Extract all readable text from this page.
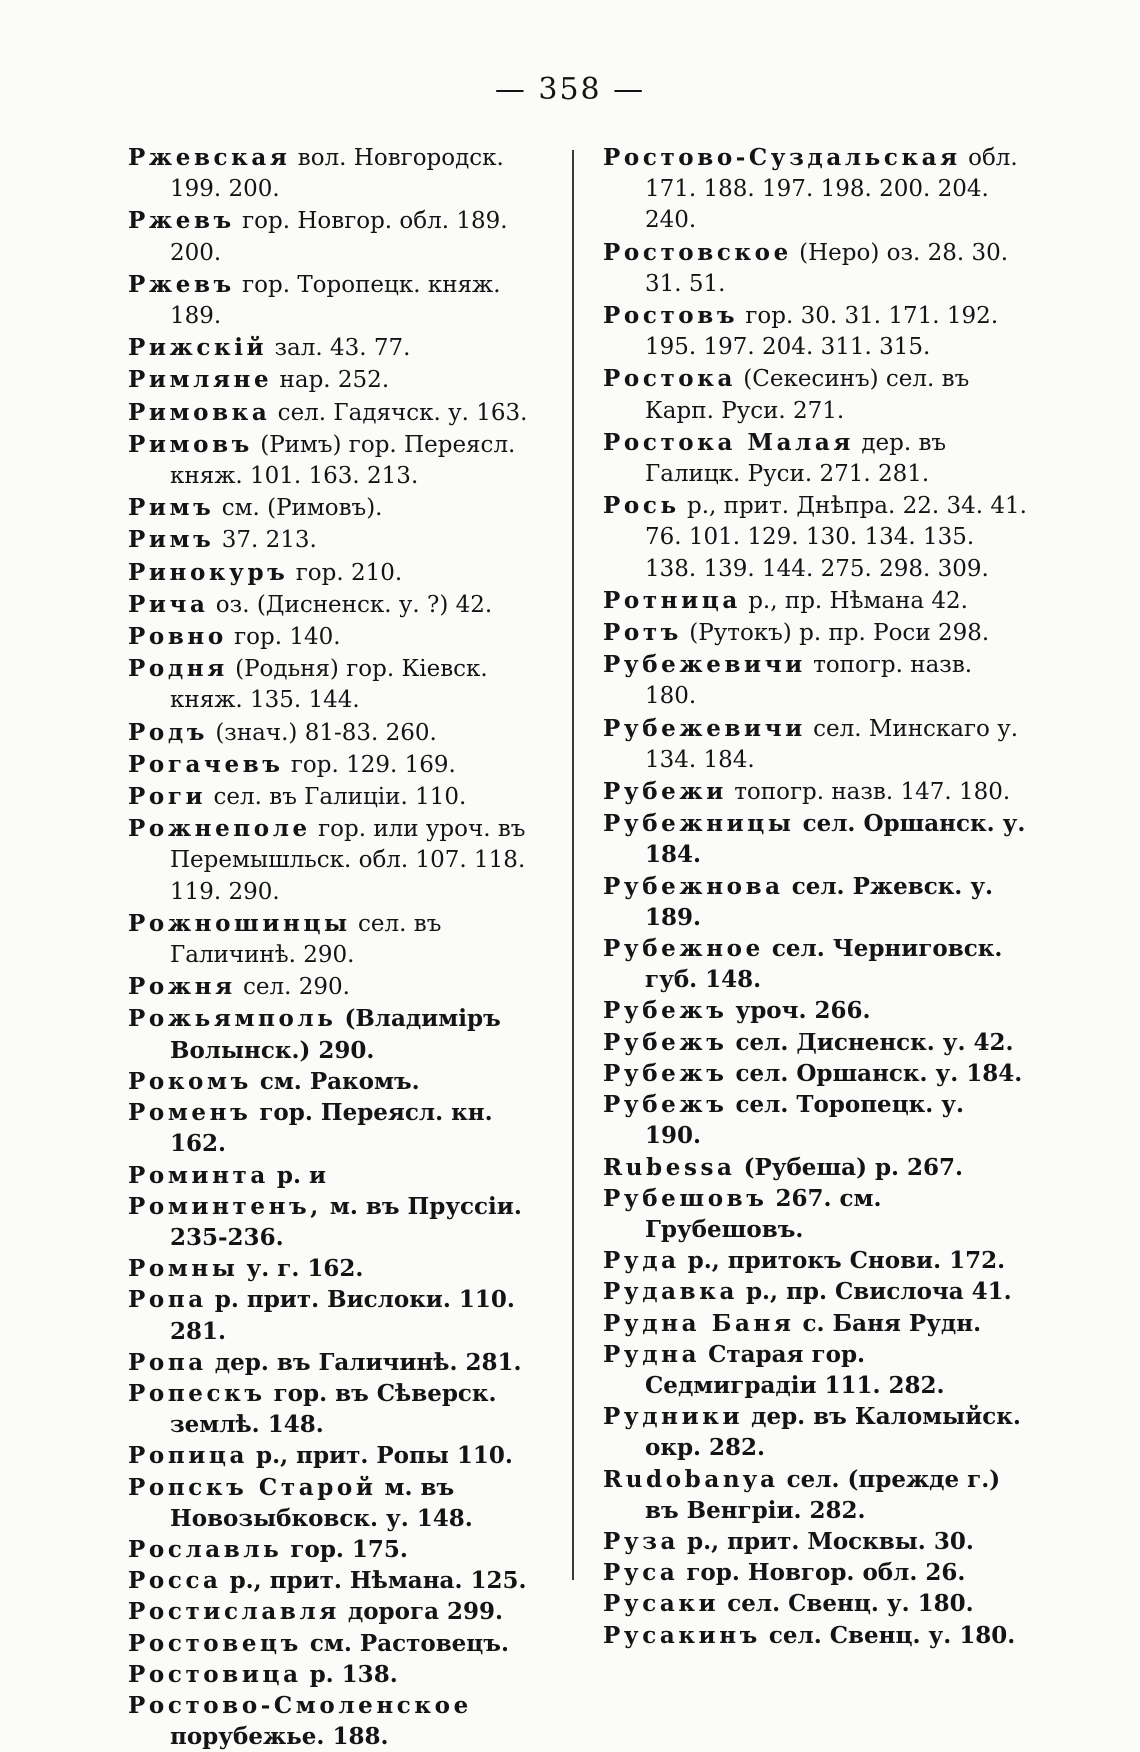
— 358 —
Ржевская вол. Новгородск. 199. 200.
Ржевъ гор. Новгор. обл. 189. 200.
Ржевъ гор. Торопецк. княж. 189.
Рижскій зал. 43. 77.
Римляне нар. 252.
Римовка сел. Гадячск. у. 163.
Римовъ (Римъ) гор. Переясл. княж. 101. 163. 213.
Римъ см. (Римовъ).
Римъ 37. 213.
Ринокуръ гор. 210.
Рича оз. (Дисненск. у. ?) 42.
Ровно гор. 140.
Родня (Родьня) гор. Кіевск. княж. 135. 144.
Родъ (знач.) 81-83. 260.
Рогачевъ гор. 129. 169.
Роги сел. въ Галиціи. 110.
Рожнеполе гор. или уроч. въ Перемышльск. обл. 107. 118. 119. 290.
Рожношинцы сел. въ Галичинѣ. 290.
Рожня сел. 290.
Рожьямполь (Владиміръ Волынск.) 290.
Рокомъ см. Ракомъ.
Роменъ гор. Переясл. кн. 162.
Роминта р. и
Роминтенъ, м. въ Пруссіи. 235-236.
Ромны у. г. 162.
Ропа р. прит. Вислоки. 110. 281.
Ропа дер. въ Галичинѣ. 281.
Ропескъ гор. въ Сѣверск. землѣ. 148.
Ропица р., прит. Ропы 110.
Ропскъ Старой м. въ Новозыбковск. у. 148.
Рославль гор. 175.
Росса р., прит. Нѣмана. 125.
Ростиславля дорога 299.
Ростовецъ см. Растовецъ.
Ростовица р. 138.
Ростово-Смоленское порубежье. 188.
Ростово-Суздальская обл. 171. 188. 197. 198. 200. 204. 240.
Ростовское (Неро) оз. 28. 30. 31. 51.
Ростовъ гор. 30. 31. 171. 192. 195. 197. 204. 311. 315.
Ростока (Секесинъ) сел. въ Карп. Руси. 271.
Ростока Малая дер. въ Галицк. Руси. 271. 281.
Рось р., прит. Днѣпра. 22. 34. 41. 76. 101. 129. 130. 134. 135. 138. 139. 144. 275. 298. 309.
Ротница р., пр. Нѣмана 42.
Ротъ (Рутокъ) р. пр. Роси 298.
Рубежевичи топогр. назв. 180.
Рубежевичи сел. Минскаго у. 134. 184.
Рубежи топогр. назв. 147. 180.
Рубежницы сел. Оршанск. у. 184.
Рубежнова сел. Ржевск. у. 189.
Рубежное сел. Черниговск. губ. 148.
Рубежъ уроч. 266.
Рубежъ сел. Дисненск. у. 42.
Рубежъ сел. Оршанск. у. 184.
Рубежъ сел. Торопецк. у. 190.
Rubessa (Рубеша) р. 267.
Рубешовъ 267. см. Грубешовъ.
Руда р., притокъ Снови. 172.
Рудавка р., пр. Свислоча 41.
Рудна Баня с. Баня Рудн.
Рудна Старая гор. Седмиградіи 111. 282.
Рудники дер. въ Каломыйск. окр. 282.
Rudobanya сел. (прежде г.) въ Венгріи. 282.
Руза р., прит. Москвы. 30.
Руса гор. Новгор. обл. 26.
Русаки сел. Свенц. у. 180.
Русакинъ сел. Свенц. у. 180.
